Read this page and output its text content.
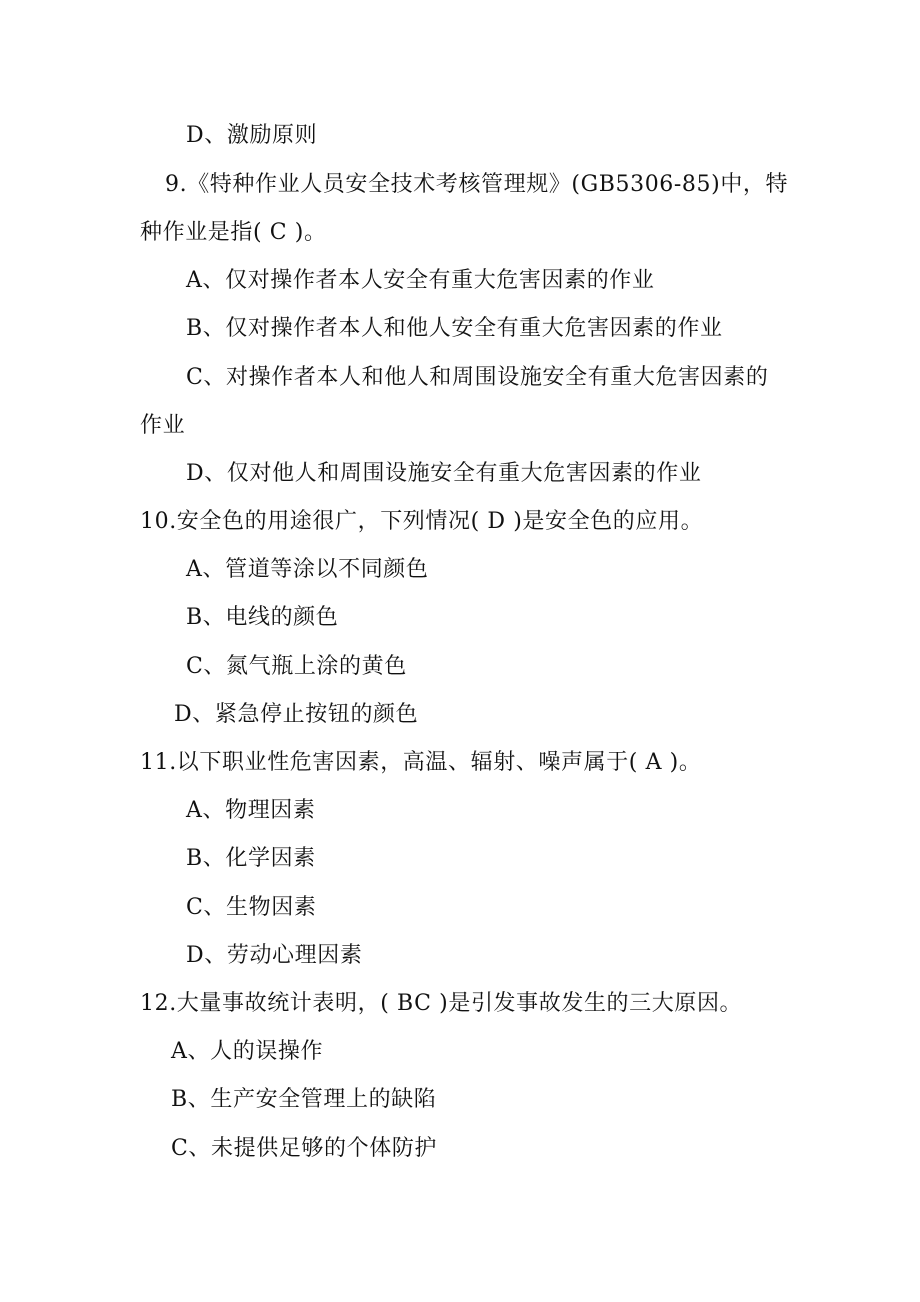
D、激励原则
9.《特种作业人员安全技术考核管理规》(GB5306-85)中，特
种作业是指( C )。
A、仅对操作者本人安全有重大危害因素的作业
B、仅对操作者本人和他人安全有重大危害因素的作业
C、对操作者本人和他人和周围设施安全有重大危害因素的
作业
D、仅对他人和周围设施安全有重大危害因素的作业
10.安全色的用途很广，下列情况( D )是安全色的应用。
A、管道等涂以不同颜色
B、电线的颜色
C、氮气瓶上涂的黄色
D、紧急停止按钮的颜色
11.以下职业性危害因素，高温、辐射、噪声属于( A )。
A、物理因素
B、化学因素
C、生物因素
D、劳动心理因素
12.大量事故统计表明，( BC )是引发事故发生的三大原因。
A、人的误操作
B、生产安全管理上的缺陷
C、未提供足够的个体防护
